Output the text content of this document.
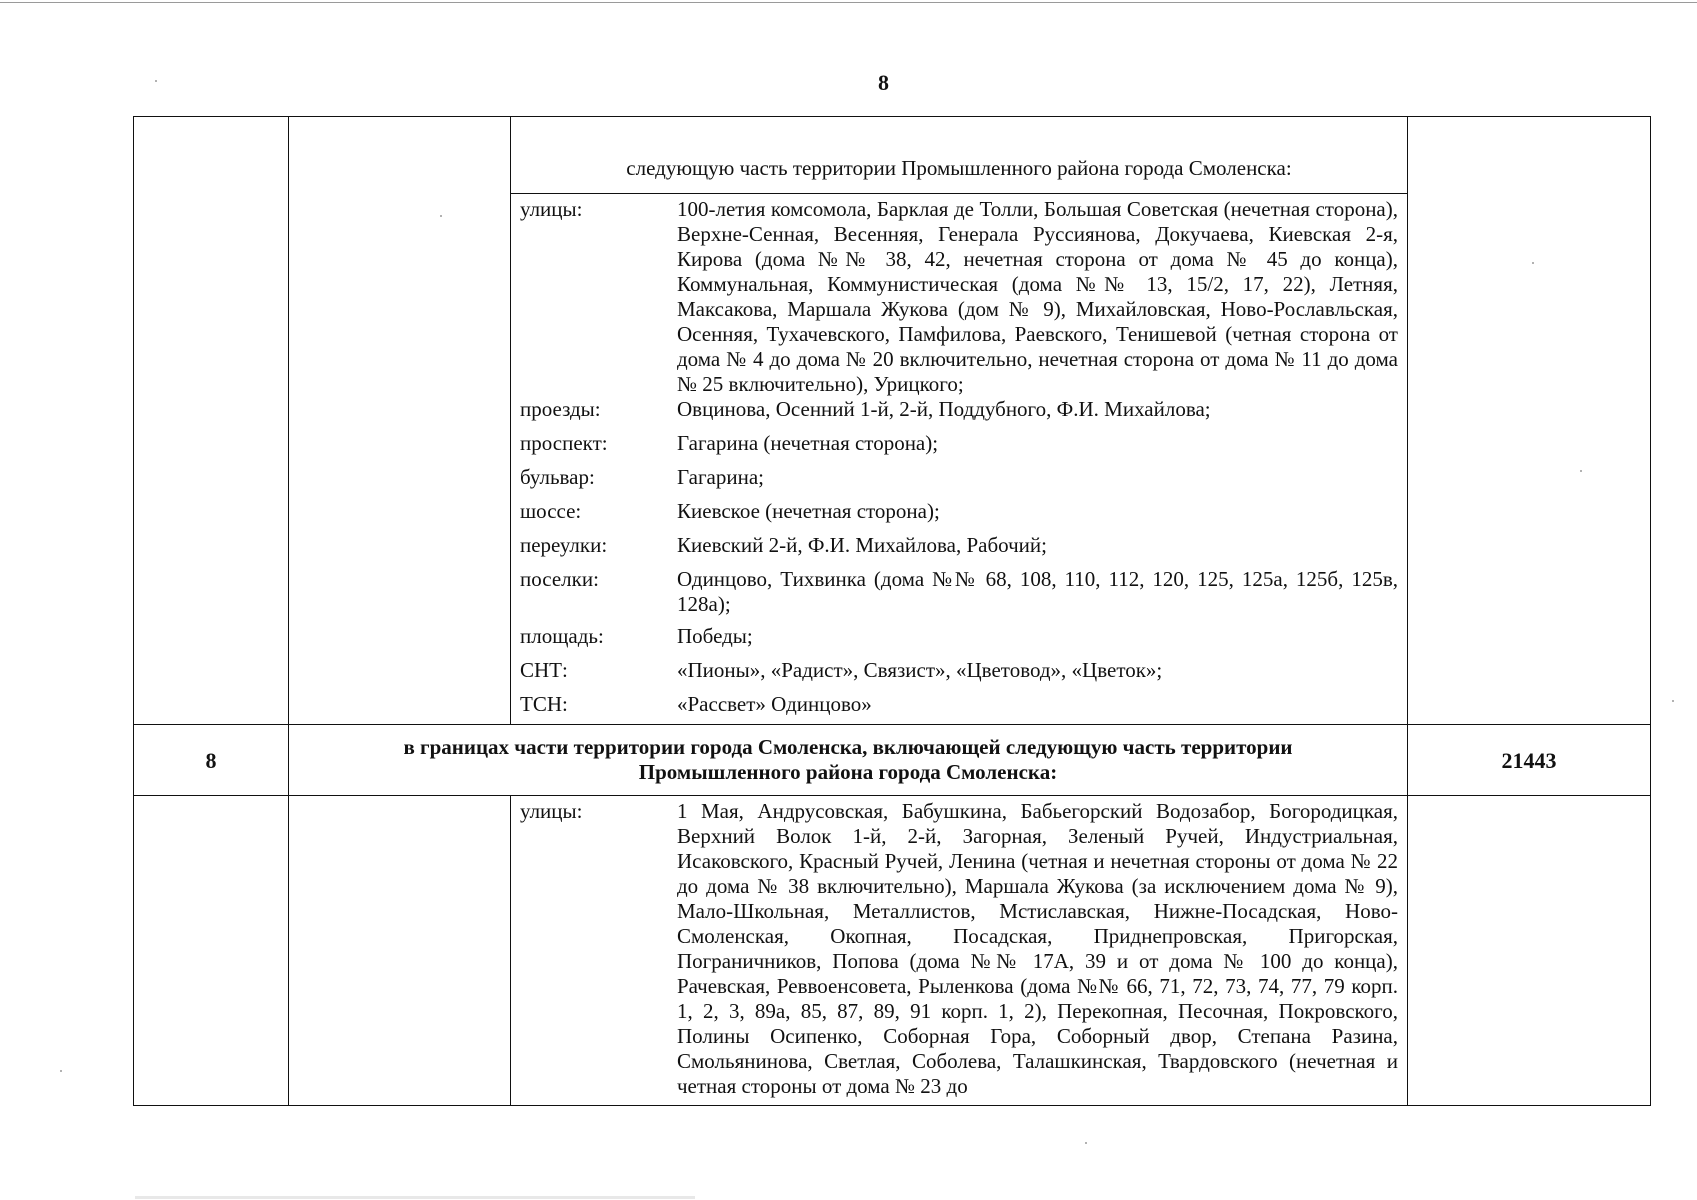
8

следующую часть территории Промышленного района города Смоленска:

улицы:	100-летия комсомола, Барклая де Толли, Большая Советская (нечетная сторона), Верхне-Сенная, Весенняя, Генерала Руссиянова, Докучаева, Киевская 2-я, Кирова (дома №№ 38, 42, нечетная сторона от дома № 45 до конца), Коммунальная, Коммунистическая (дома №№ 13, 15/2, 17, 22), Летняя, Максакова, Маршала Жукова (дом № 9), Михайловская, Ново-Рославльская, Осенняя, Тухачевского, Памфилова, Раевского, Тенишевой (четная сторона от дома № 4 до дома № 20 включительно, нечетная сторона от дома № 11 до дома № 25 включительно), Урицкого;
проезды:	Овцинова, Осенний 1-й, 2-й, Поддубного, Ф.И. Михайлова;
проспект:	Гагарина (нечетная сторона);
бульвар:	Гагарина;
шоссе:	Киевское (нечетная сторона);
переулки:	Киевский 2-й, Ф.И. Михайлова, Рабочий;
поселки:	Одинцово, Тихвинка (дома №№ 68, 108, 110, 112, 120, 125, 125а, 125б, 125в, 128а);
площадь:	Победы;
СНТ:	«Пионы», «Радист», Связист», «Цветовод», «Цветок»;
ТСН:	«Рассвет» Одинцово»

8	в границах части территории города Смоленска, включающей следующую часть территории
Промышленного района города Смоленска:	21443

улицы:	1 Мая, Андрусовская, Бабушкина, Бабьегорский Водозабор, Богородицкая, Верхний Волок 1-й, 2-й, Загорная, Зеленый Ручей, Индустриальная, Исаковского, Красный Ручей, Ленина (четная и нечетная стороны от дома № 22 до дома № 38 включительно), Маршала Жукова (за исключением дома № 9), Мало-Школьная, Металлистов, Мстиславская, Нижне-Посадская, Ново-Смоленская, Окопная, Посадская, Приднепровская, Пригорская, Пограничников, Попова (дома №№ 17А, 39 и от дома № 100 до конца), Рачевская, Реввоенсовета, Рыленкова (дома №№ 66, 71, 72, 73, 74, 77, 79 корп. 1, 2, 3, 89а, 85, 87, 89, 91 корп. 1, 2), Перекопная, Песочная, Покровского, Полины Осипенко, Соборная Гора, Соборный двор, Степана Разина, Смольянинова, Светлая, Соболева, Талашкинская, Твардовского (нечетная и четная стороны от дома № 23 до
